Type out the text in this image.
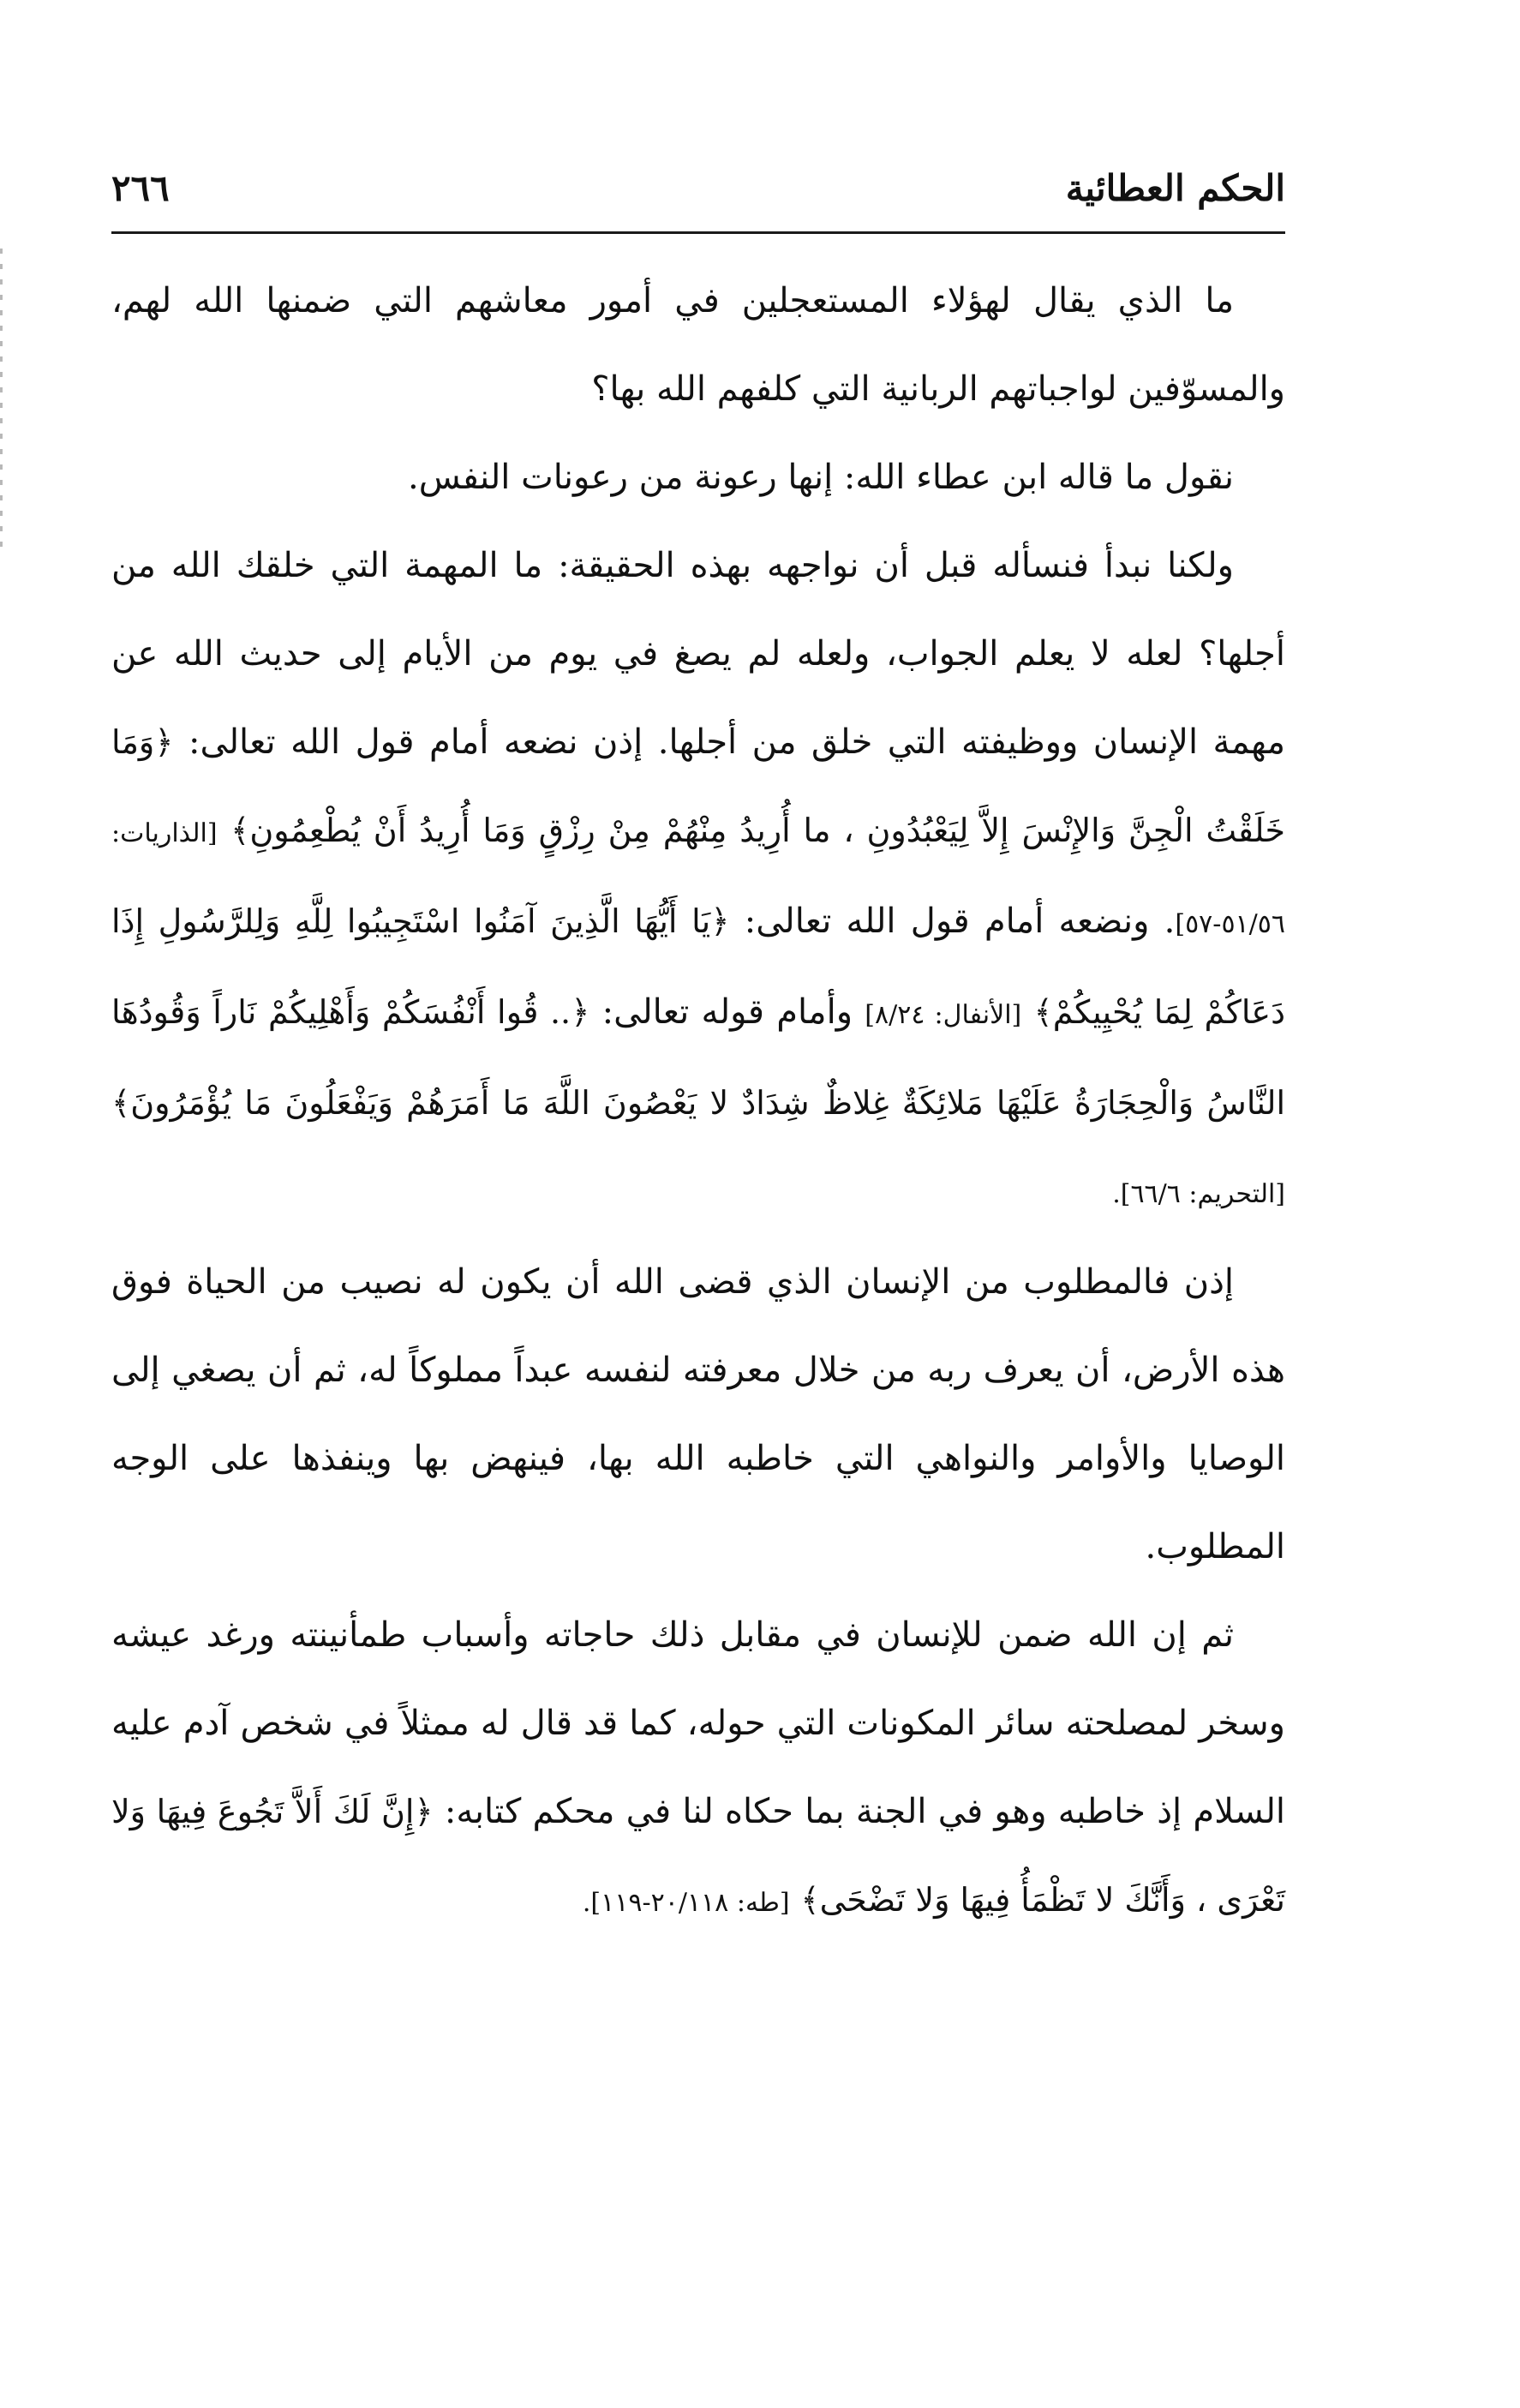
الحكم العطائية
٢٦٦

ما الذي يقال لهؤلاء المستعجلين في أمور معاشهم التي ضمنها الله لهم، والمسوّفين لواجباتهم الربانية التي كلفهم الله بها؟

نقول ما قاله ابن عطاء الله: إنها رعونة من رعونات النفس.

ولكنا نبدأ فنسأله قبل أن نواجهه بهذه الحقيقة: ما المهمة التي خلقك الله من أجلها؟ لعله لا يعلم الجواب، ولعله لم يصغ في يوم من الأيام إلى حديث الله عن مهمة الإنسان ووظيفته التي خلق من أجلها. إذن نضعه أمام قول الله تعالى: ﴿وَمَا خَلَقْتُ الْجِنَّ وَالإِنْسَ إِلاَّ لِيَعْبُدُونِ ، ما أُرِيدُ مِنْهُمْ مِنْ رِزْقٍ وَمَا أُرِيدُ أَنْ يُطْعِمُونِ﴾ [الذاريات: ٥١/٥٦-٥٧]. ونضعه أمام قول الله تعالى: ﴿يَا أَيُّهَا الَّذِينَ آمَنُوا اسْتَجِيبُوا لِلَّهِ وَلِلرَّسُولِ إِذَا دَعَاكُمْ لِمَا يُحْيِيكُمْ﴾ [الأنفال: ٨/٢٤] وأمام قوله تعالى: ﴿.. قُوا أَنْفُسَكُمْ وَأَهْلِيكُمْ نَاراً وَقُودُهَا النَّاسُ وَالْحِجَارَةُ عَلَيْهَا مَلائِكَةٌ غِلاظٌ شِدَادٌ لا يَعْصُونَ اللَّهَ مَا أَمَرَهُمْ وَيَفْعَلُونَ مَا يُؤْمَرُونَ﴾ [التحريم: ٦٦/٦].

إذن فالمطلوب من الإنسان الذي قضى الله أن يكون له نصيب من الحياة فوق هذه الأرض، أن يعرف ربه من خلال معرفته لنفسه عبداً مملوكاً له، ثم أن يصغي إلى الوصايا والأوامر والنواهي التي خاطبه الله بها، فينهض بها وينفذها على الوجه المطلوب.

ثم إن الله ضمن للإنسان في مقابل ذلك حاجاته وأسباب طمأنينته ورغد عيشه وسخر لمصلحته سائر المكونات التي حوله، كما قد قال له ممثلاً في شخص آدم عليه السلام إذ خاطبه وهو في الجنة بما حكاه لنا في محكم كتابه: ﴿إِنَّ لَكَ أَلاَّ تَجُوعَ فِيهَا وَلا تَعْرَى ، وَأَنَّكَ لا تَظْمَأُ فِيهَا وَلا تَضْحَى﴾ [طه: ٢٠/١١٨-١١٩].
